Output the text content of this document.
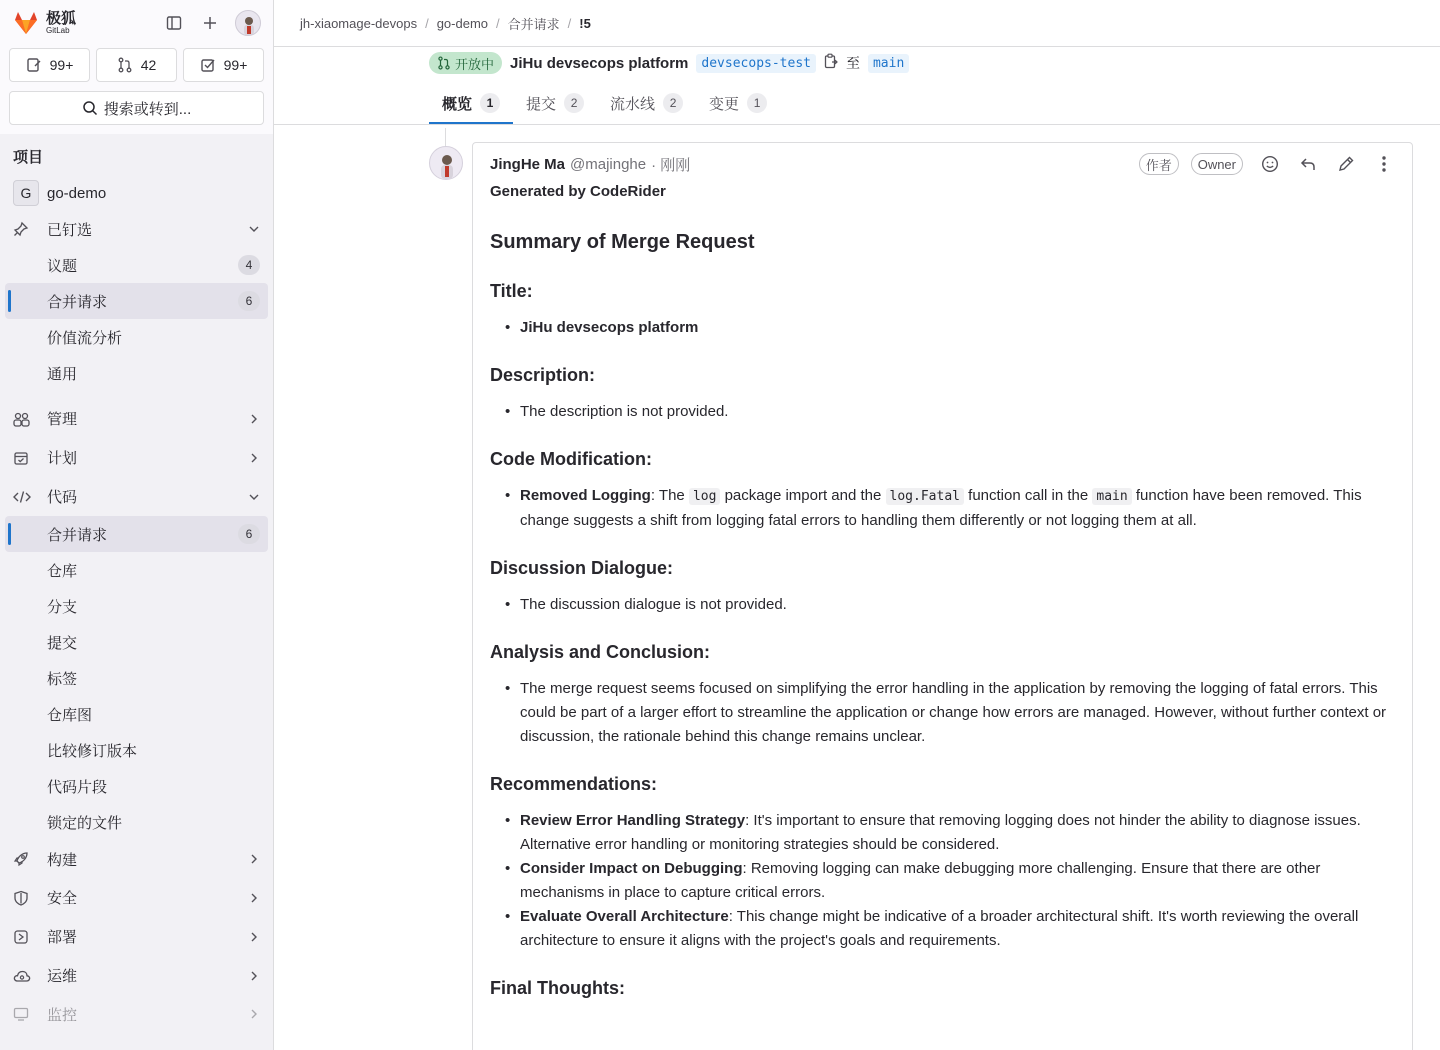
极狐
GitLab
99+	42	99+
搜索或转到...
项目
G	go-demo
已钉选
议题	4
合并请求	6
价值流分析
通用
管理
计划
代码
合并请求	6
仓库
分支
提交
标签
仓库图
比较修订版本
代码片段
锁定的文件
构建
安全
部署
运维
监控
jh-xiaomage-devops / go-demo / 合并请求 / !5
开放中 JiHu devsecops platform	devsecops-test	至	main
概览	1	提交	2	流水线	2	变更	1
JingHe Ma @majinghe · 刚刚	作者	Owner
Generated by CodeRider
Summary of Merge Request
Title:
• JiHu devsecops platform
Description:
• The description is not provided.
Code Modification:
• Removed Logging: The log package import and the log.Fatal function call in the main function have been removed. This change suggests a shift from logging fatal errors to handling them differently or not logging them at all.
Discussion Dialogue:
• The discussion dialogue is not provided.
Analysis and Conclusion:
• The merge request seems focused on simplifying the error handling in the application by removing the logging of fatal errors. This could be part of a larger effort to streamline the application or change how errors are managed. However, without further context or discussion, the rationale behind this change remains unclear.
Recommendations:
• Review Error Handling Strategy: It's important to ensure that removing logging does not hinder the ability to diagnose issues. Alternative error handling or monitoring strategies should be considered.
• Consider Impact on Debugging: Removing logging can make debugging more challenging. Ensure that there are other mechanisms in place to capture critical errors.
• Evaluate Overall Architecture: This change might be indicative of a broader architectural shift. It's worth reviewing the overall architecture to ensure it aligns with the project's goals and requirements.
Final Thoughts:
